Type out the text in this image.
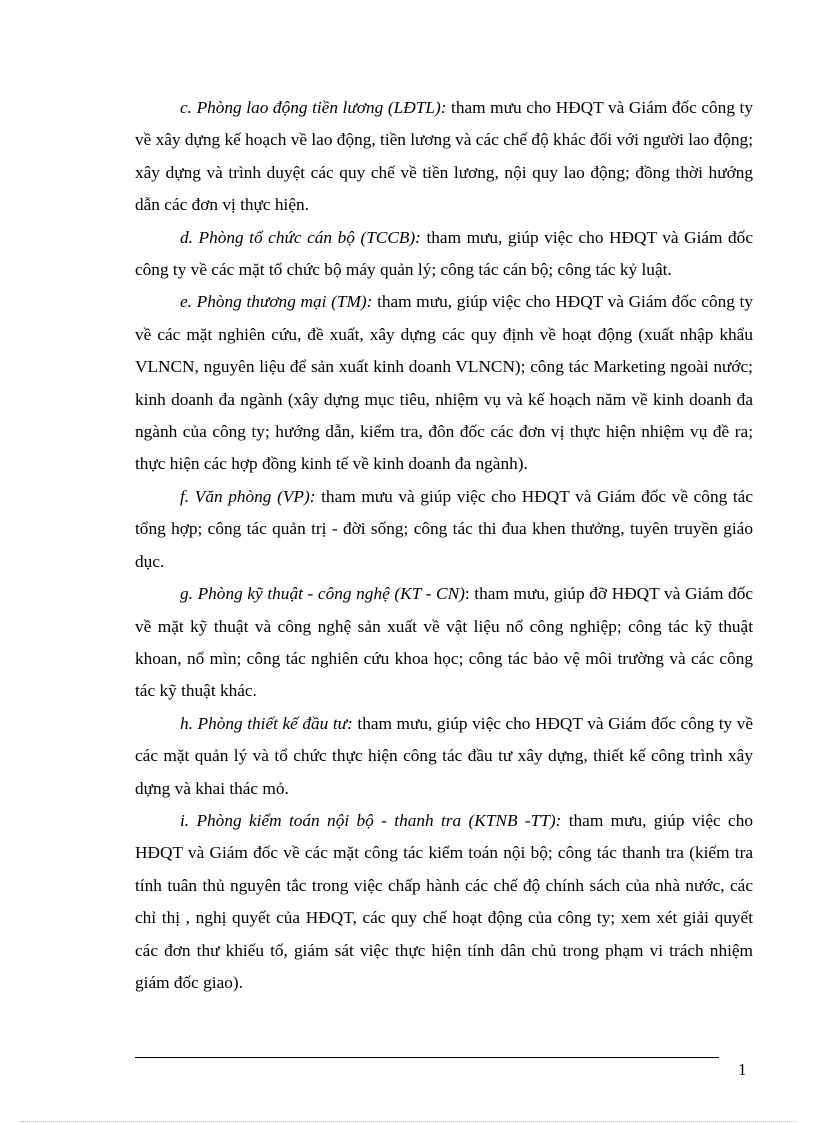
c. Phòng lao động tiền lương (LĐTL): tham mưu cho HĐQT và Giám đốc công ty về xây dựng kế hoạch về lao động, tiền lương và các chế độ khác đối với người lao động; xây dựng và trình duyệt các quy chế về tiền lương, nội quy lao động; đồng thời hướng dẫn các đơn vị thực hiện.

d. Phòng tổ chức cán bộ (TCCB): tham mưu, giúp việc cho HĐQT và Giám đốc công ty về các mặt tổ chức bộ máy quản lý; công tác cán bộ; công tác kỷ luật.

e. Phòng thương mại (TM): tham mưu, giúp việc cho HĐQT và Giám đốc công ty về các mặt nghiên cứu, đề xuất, xây dựng các quy định về hoạt động (xuất nhập khẩu VLNCN, nguyên liệu để sản xuất kinh doanh VLNCN); công tác Marketing ngoài nước; kinh doanh đa ngành (xây dựng mục tiêu, nhiệm vụ và kế hoạch năm về kinh doanh đa ngành của công ty; hướng dẫn, kiểm tra, đôn đốc các đơn vị thực hiện nhiệm vụ đề ra; thực hiện các hợp đồng kinh tế về kinh doanh đa ngành).

f. Văn phòng (VP): tham mưu và giúp việc cho HĐQT và Giám đốc về công tác tổng hợp; công tác quản trị - đời sống; công tác thi đua khen thưởng, tuyên truyền giáo dục.

g. Phòng kỹ thuật - công nghệ (KT - CN): tham mưu, giúp đỡ HĐQT và Giám đốc về mặt kỹ thuật và công nghệ sản xuất về vật liệu nổ công nghiệp; công tác kỹ thuật khoan, nổ mìn; công tác nghiên cứu khoa học; công tác bảo vệ môi trường và các công tác kỹ thuật khác.

h. Phòng thiết kế đầu tư: tham mưu, giúp việc cho HĐQT và Giám đốc công ty về các mặt quản lý và tổ chức thực hiện công tác đầu tư xây dựng, thiết kế công trình xây dựng và khai thác mỏ.

i. Phòng kiểm toán nội bộ - thanh tra (KTNB -TT): tham mưu, giúp việc cho HĐQT và Giám đốc về các mặt công tác kiểm toán nội bộ; công tác thanh tra (kiểm tra tính tuân thủ nguyên tắc trong việc chấp hành các chế độ chính sách của nhà nước, các chỉ thị , nghị quyết của HĐQT, các quy chế hoạt động của công ty; xem xét giải quyết các đơn thư khiếu tố, giám sát việc thực hiện tính dân chủ trong phạm vi trách nhiệm giám đốc giao).

1
